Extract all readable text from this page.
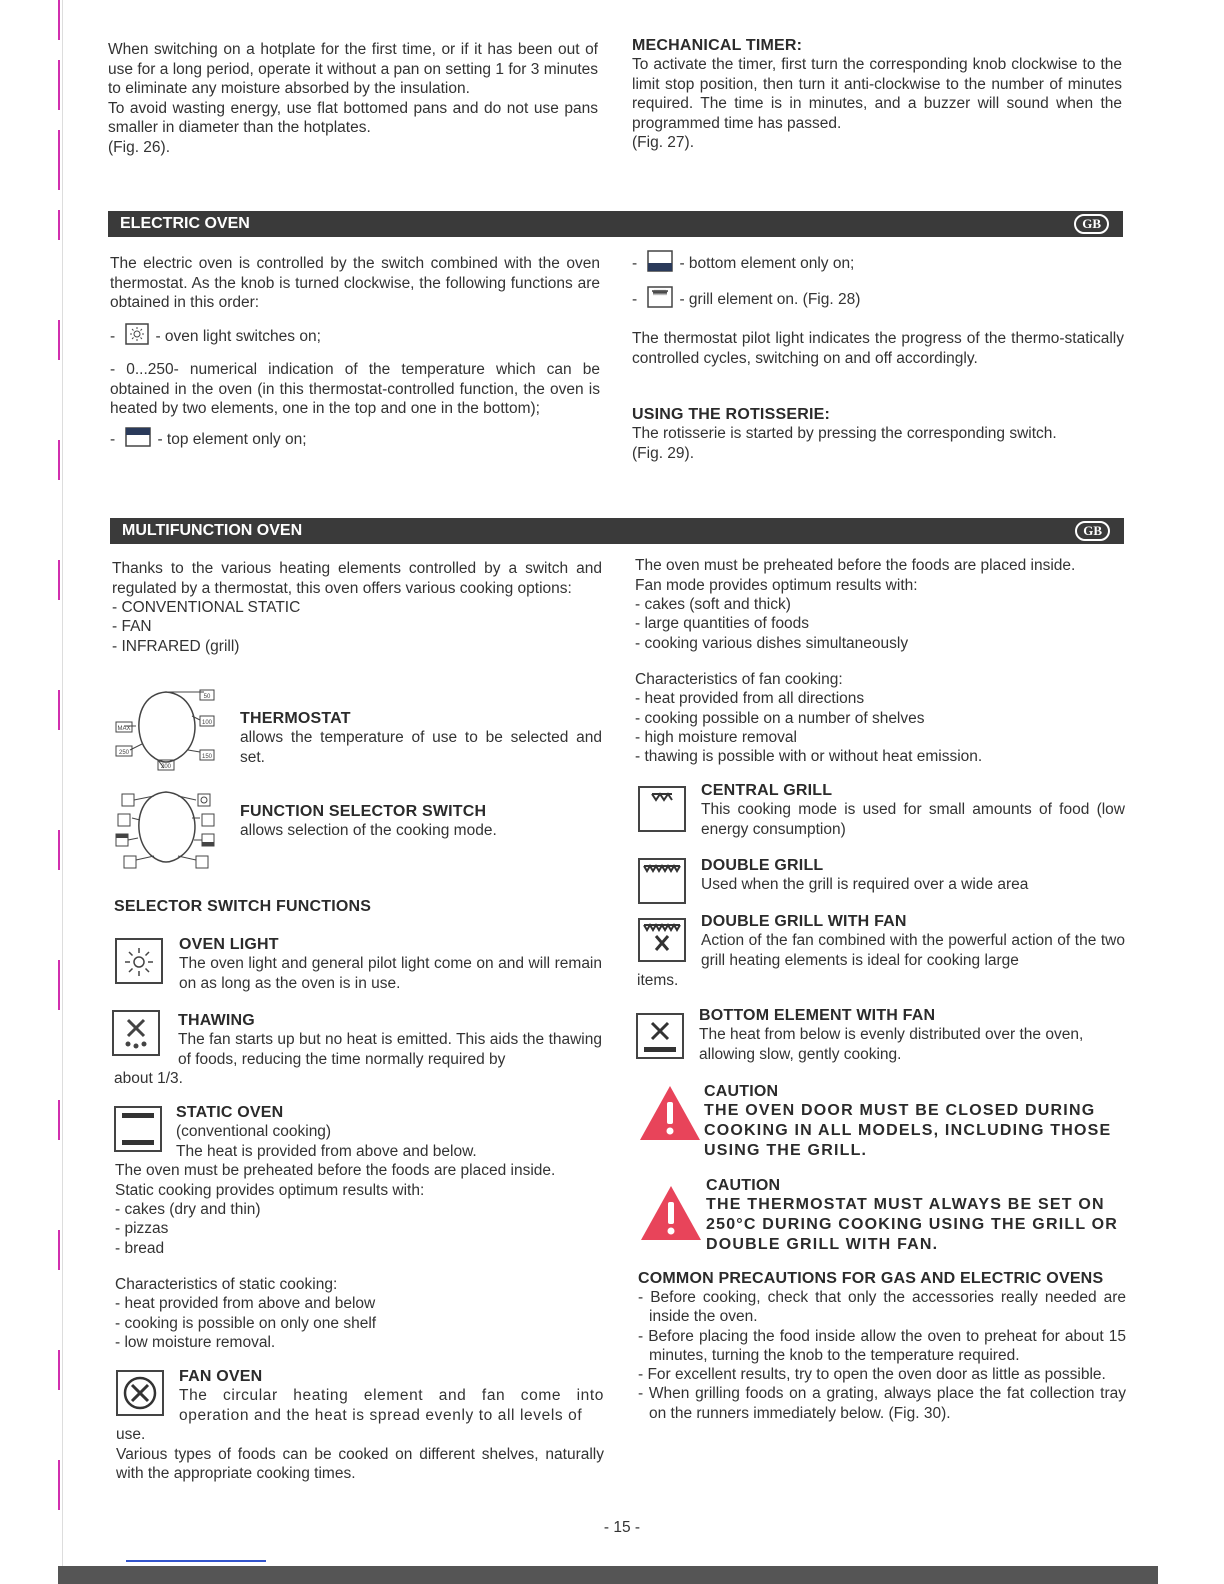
When switching on a hotplate for the first time, or if it has been out of use for a long period, operate it without a pan on setting 1 for 3 minutes to eliminate any moisture absorbed by the insulation.

To avoid wasting energy, use flat bottomed pans and do not use pans smaller in diameter than the hotplates.

(Fig. 26).

MECHANICAL TIMER:

To activate the timer, first turn the corresponding knob clockwise to the limit stop position, then turn it anti-clockwise to the number of minutes required. The time is in minutes, and a buzzer will sound when the programmed time has passed.

(Fig. 27).

ELECTRIC OVEN	GB

The electric oven is controlled by the switch combined with the oven thermostat. As the knob is turned clockwise, the following functions are obtained in this order:

- - oven light switches on;

- 0...250- numerical indication of the temperature which can be obtained in the oven (in this thermostat-controlled function, the oven is heated by two elements, one in the top and one in the bottom);

- - top element only on;

- - bottom element only on;

- - grill element on. (Fig. 28)

The thermostat pilot light indicates the progress of the thermo-statically controlled cycles, switching on and off accordingly.

USING THE ROTISSERIE:

The rotisserie is started by pressing the corresponding switch.

(Fig. 29).

MULTIFUNCTION OVEN	GB

Thanks to the various heating elements controlled by a switch and regulated by a thermostat, this oven offers various cooking options:

- CONVENTIONAL STATIC
- FAN
- INFRARED (grill)
50
100
150
200
250
MAX

THERMOSTAT

allows the temperature of use to be selected and set.

FUNCTION SELECTOR SWITCH

allows selection of the cooking mode.

SELECTOR SWITCH FUNCTIONS

OVEN LIGHT

The oven light and general pilot light come on and will remain on as long as the oven is in use.

THAWING

The fan starts up but no heat is emitted. This aids the thawing of foods, reducing the time normally required by

about 1/3.

STATIC OVEN

(conventional cooking)

The heat is provided from above and below.

The oven must be preheated before the foods are placed inside.

Static cooking provides optimum results with:

- cakes (dry and thin)
- pizzas
- bread

Characteristics of static cooking:

- heat provided from above and below
- cooking is possible on only one shelf
- low moisture removal.

FAN OVEN

The circular heating element and fan come into operation and the heat is spread evenly to all levels of

use.

Various types of foods can be cooked on different shelves, naturally with the appropriate cooking times.

The oven must be preheated before the foods are placed inside.

Fan mode provides optimum results with:

- cakes (soft and thick)
- large quantities of foods
- cooking various dishes simultaneously

Characteristics of fan cooking:

- heat provided from all directions
- cooking possible on a number of shelves
- high moisture removal
- thawing is possible with or without heat emission.

CENTRAL GRILL

This cooking mode is used for small amounts of food (low energy consumption)

DOUBLE GRILL

Used when the grill is required over a wide area

DOUBLE GRILL WITH FAN

Action of the fan combined with the powerful action of the two grill heating elements is ideal for cooking large

items.

BOTTOM ELEMENT WITH FAN

The heat from below is evenly distributed over the oven, allowing slow, gently cooking.

CAUTION

THE OVEN DOOR MUST BE CLOSED DURING COOKING IN ALL MODELS, INCLUDING THOSE USING THE GRILL.

CAUTION

THE THERMOSTAT MUST ALWAYS BE SET ON 250°C DURING COOKING USING THE GRILL OR DOUBLE GRILL WITH FAN.

COMMON PRECAUTIONS FOR GAS AND ELECTRIC OVENS

- Before cooking, check that only the accessories really needed are inside the oven.
- Before placing the food inside allow the oven to preheat for about 15 minutes, turning the knob to the temperature required.
- For excellent results, try to open the oven door as little as possible.
- When grilling foods on a grating, always place the fat collection tray on the runners immediately below. (Fig. 30).

- 15 -
